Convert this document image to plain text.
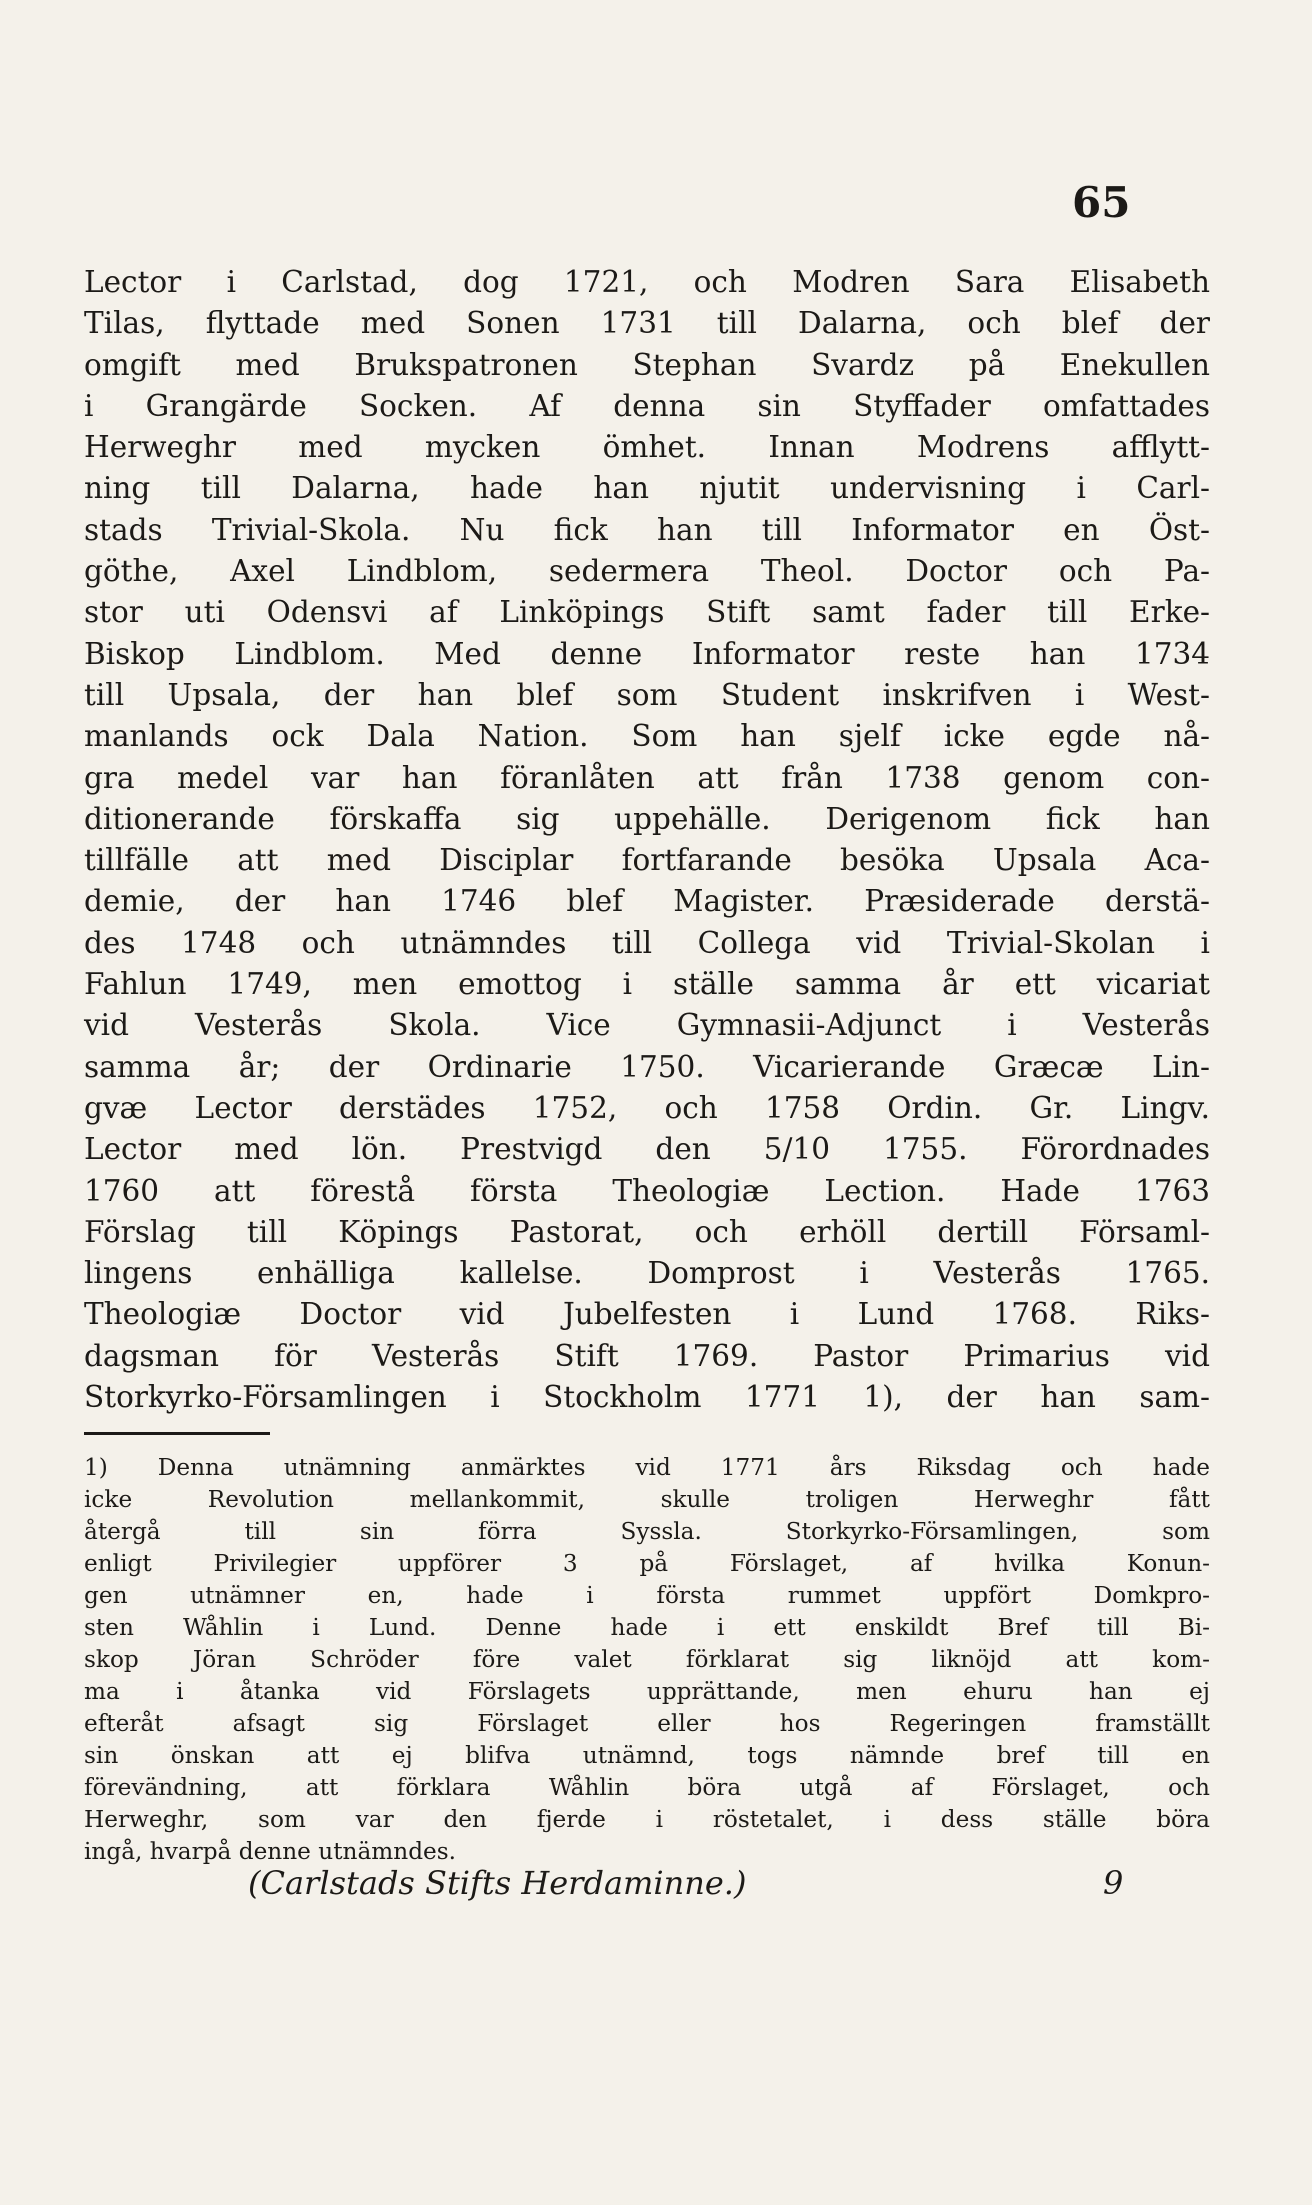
65
Lector i Carlstad, dog 1721, och Modren Sara Elisabeth
Tilas, flyttade med Sonen 1731 till Dalarna, och blef der
omgift med Brukspatronen Stephan Svardz på Enekullen
i Grangärde Socken. Af denna sin Styffader omfattades
Herweghr med mycken ömhet. Innan Modrens afflytt-
ning till Dalarna, hade han njutit undervisning i Carl-
stads Trivial-Skola. Nu fick han till Informator en Öst-
göthe, Axel Lindblom, sedermera Theol. Doctor och Pa-
stor uti Odensvi af Linköpings Stift samt fader till Erke-
Biskop Lindblom. Med denne Informator reste han 1734
till Upsala, der han blef som Student inskrifven i West-
manlands ock Dala Nation. Som han sjelf icke egde nå-
gra medel var han föranlåten att från 1738 genom con-
ditionerande förskaffa sig uppehälle. Derigenom fick han
tillfälle att med Disciplar fortfarande besöka Upsala Aca-
demie, der han 1746 blef Magister. Præsiderade derstä-
des 1748 och utnämndes till Collega vid Trivial-Skolan i
Fahlun 1749, men emottog i ställe samma år ett vicariat
vid Vesterås Skola. Vice Gymnasii-Adjunct i Vesterås
samma år; der Ordinarie 1750. Vicarierande Græcæ Lin-
gvæ Lector derstädes 1752, och 1758 Ordin. Gr. Lingv.
Lector med lön. Prestvigd den 5/10 1755. Förordnades
1760 att förestå första Theologiæ Lection. Hade 1763
Förslag till Köpings Pastorat, och erhöll dertill Församl-
lingens enhälliga kallelse. Domprost i Vesterås 1765.
Theologiæ Doctor vid Jubelfesten i Lund 1768. Riks-
dagsman för Vesterås Stift 1769. Pastor Primarius vid
Storkyrko-Församlingen i Stockholm 1771 1), der han sam-
1) Denna utnämning anmärktes vid 1771 års Riksdag och hade
icke Revolution mellankommit, skulle troligen Herweghr fått
återgå till sin förra Syssla. Storkyrko-Församlingen, som
enligt Privilegier uppförer 3 på Förslaget, af hvilka Konun-
gen utnämner en, hade i första rummet uppfört Domkpro-
sten Wåhlin i Lund. Denne hade i ett enskildt Bref till Bi-
skop Jöran Schröder före valet förklarat sig liknöjd att kom-
ma i åtanka vid Förslagets upprättande, men ehuru han ej
efteråt afsagt sig Förslaget eller hos Regeringen framställt
sin önskan att ej blifva utnämnd, togs nämnde bref till en
förevändning, att förklara Wåhlin böra utgå af Förslaget, och
Herweghr, som var den fjerde i röstetalet, i dess ställe böra
ingå, hvarpå denne utnämndes.
(Carlstads Stifts Herdaminne.)	9
